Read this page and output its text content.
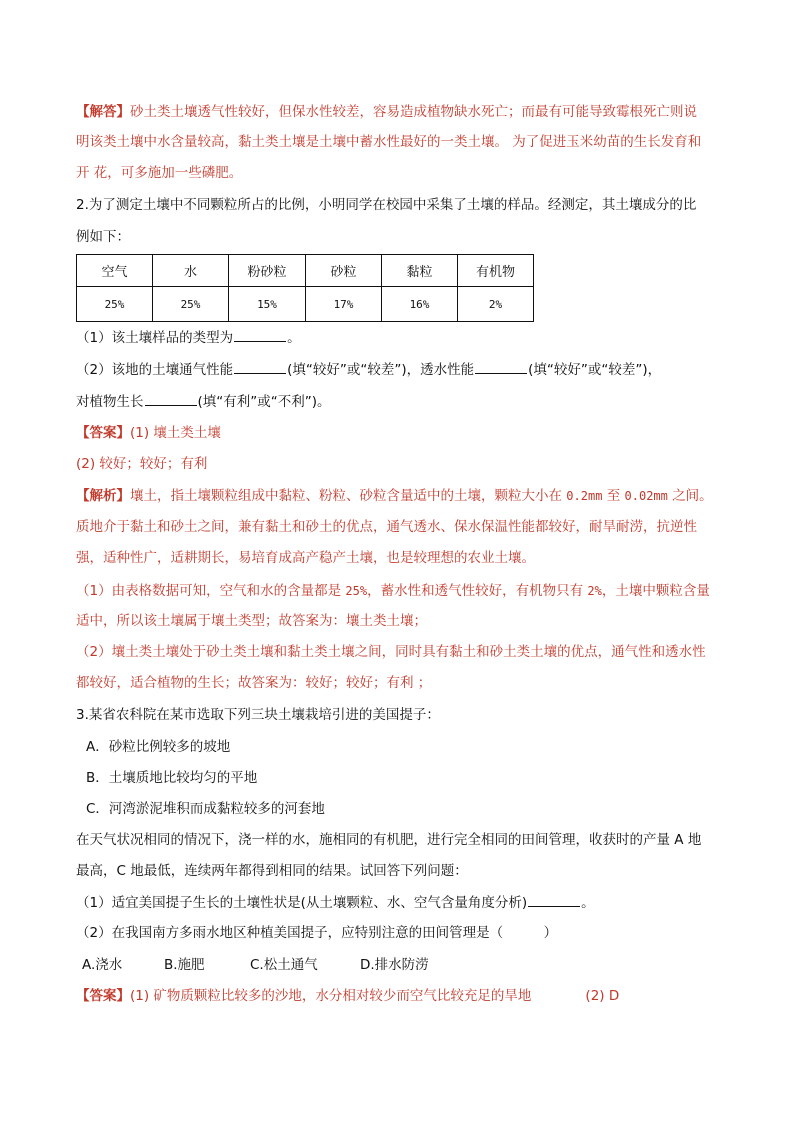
【解答】砂土类土壤透气性较好，但保水性较差，容易造成植物缺水死亡；而最有可能导致霉根死亡则说
明该类土壤中水含量较高，黏土类土壤是土壤中蓄水性最好的一类土壤。 为了促进玉米幼苗的生长发育和
开 花，可多施加一些磷肥。
2.为了测定土壤中不同颗粒所占的比例，小明同学在校园中采集了土壤的样品。经测定，其土壤成分的比
例如下：
空气	水	粉砂粒	砂粒	黏粒	有机物
25%	25%	15%	17%	16%	2%
（1）该土壤样品的类型为	。
（2）该地的土壤通气性能	(填“较好”或“较差”)，透水性能	(填“较好”或“较差”)，
对植物生长	(填“有利”或“不利”)。
【答案】(1) 壤土类土壤
(2) 较好；较好；有利
【解析】壤土，指土壤颗粒组成中黏粒、粉粒、砂粒含量适中的土壤，颗粒大小在 0.2mm 至 0.02mm 之间。
质地介于黏土和砂土之间，兼有黏土和砂土的优点，通气透水、保水保温性能都较好，耐旱耐涝，抗逆性
强，适种性广，适耕期长，易培育成高产稳产土壤，也是较理想的农业土壤。
（1）由表格数据可知，空气和水的含量都是 25%，蓄水性和透气性较好，有机物只有 2%，土壤中颗粒含量
适中，所以该土壤属于壤土类型；故答案为：壤土类土壤；
（2）壤土类土壤处于砂土类土壤和黏土类土壤之间，同时具有黏土和砂土类土壤的优点，通气性和透水性
都较好，适合植物的生长；故答案为：较好；较好；有利 ；
3.某省农科院在某市选取下列三块土壤栽培引进的美国提子：
A．砂粒比例较多的坡地
B．土壤质地比较均匀的平地
C．河湾淤泥堆积而成黏粒较多的河套地
在天气状况相同的情况下，浇一样的水，施相同的有机肥，进行完全相同的田间管理，收获时的产量 A 地
最高，C 地最低，连续两年都得到相同的结果。试回答下列问题：
（1）适宜美国提子生长的土壤性状是(从土壤颗粒、水、空气含量角度分析)	。
（2）在我国南方多雨水地区种植美国提子，应特别注意的田间管理是（　　　）
A.浇水	B.施肥	C.松土通气	D.排水防涝
【答案】(1) 矿物质颗粒比较多的沙地，水分相对较少而空气比较充足的旱地	(2) D
